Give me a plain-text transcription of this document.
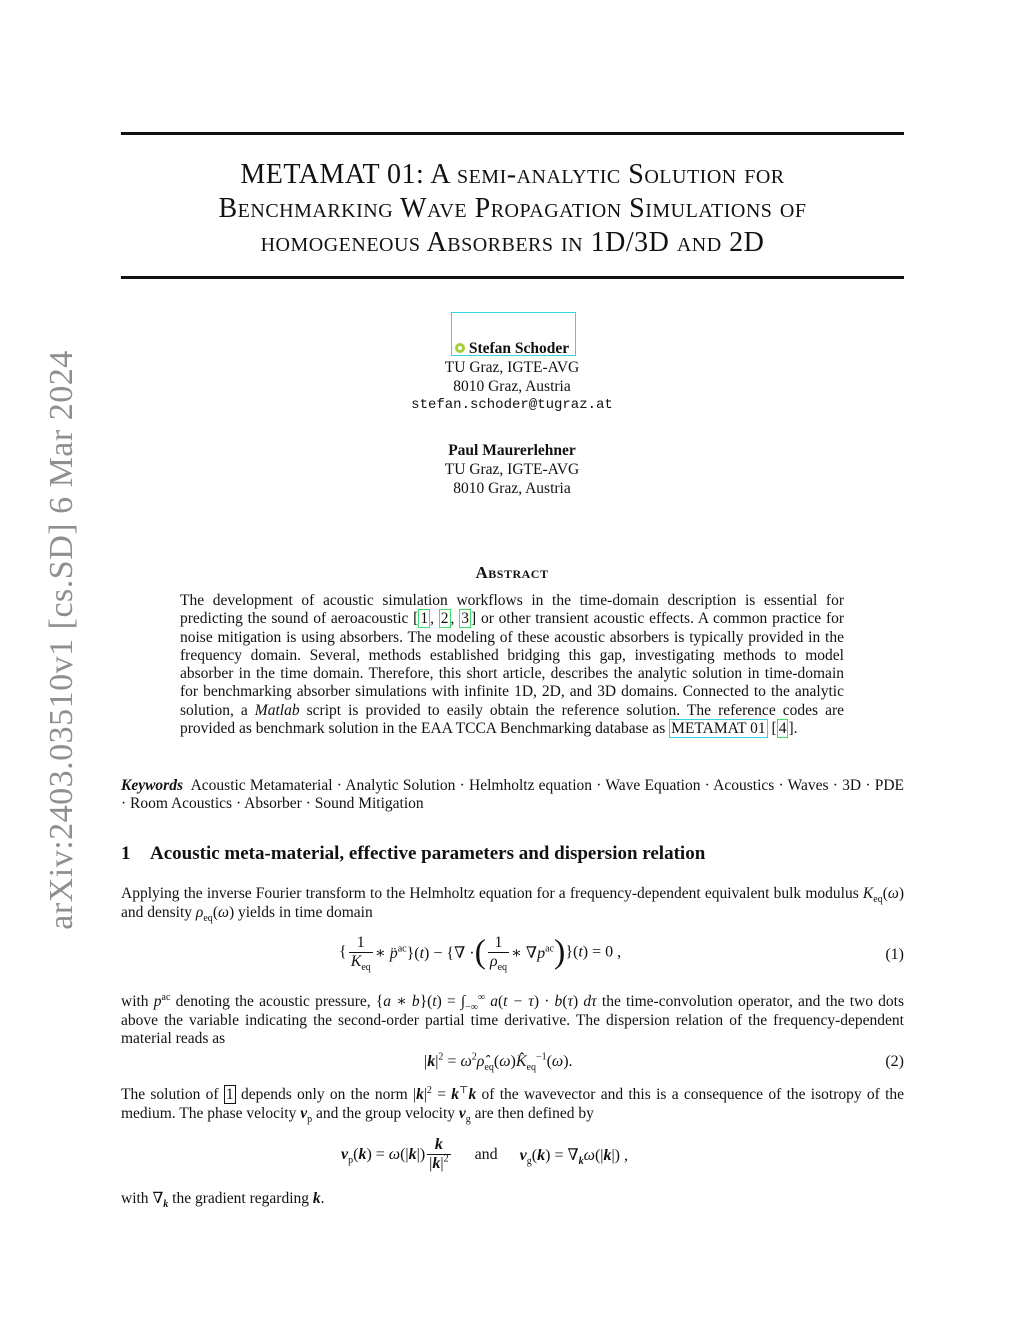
METAMAT 01: A semi-analytic Solution for
Benchmarking Wave Propagation Simulations of
homogeneous Absorbers in 1D/3D and 2D
arXiv:2403.03510v1 [cs.SD] 6 Mar 2024
Stefan Schoder
TU Graz, IGTE-AVG
8010 Graz, Austria
stefan.schoder@tugraz.at
Paul Maurerlehner
TU Graz, IGTE-AVG
8010 Graz, Austria
Abstract
The development of acoustic simulation workflows in the time-domain description is essential for predicting the sound of aeroacoustic [ 1 , 2 , 3 ] or other transient acoustic effects. A common practice for noise mitigation is using absorbers. The modeling of these acoustic absorbers is typically provided in the frequency domain. Several, methods established bridging this gap, investigating methods to model absorber in the time domain. Therefore, this short article, describes the analytic solution in time-domain for benchmarking absorber simulations with infinite 1D, 2D, and 3D domains. Connected to the analytic solution, a Matlab script is provided to easily obtain the reference solution. The reference codes are provided as benchmark solution in the EAA TCCA Benchmarking database as METAMAT 01 [ 4 ].
Keywords Acoustic Metamaterial · Analytic Solution · Helmholtz equation · Wave Equation · Acoustics · Waves · 3D · PDE · Room Acoustics · Absorber · Sound Mitigation
1 Acoustic meta-material, effective parameters and dispersion relation
Applying the inverse Fourier transform to the Helmholtz equation for a frequency-dependent equivalent bulk modulus $K_{eq}(\omega)$ and density $\rho_{eq}(\omega)$ yields in time domain
{ $\frac{1}{K_{eq}}$ ∗ p̈$^{ac}$}(t) − {∇ ·( $\frac{1}{\rho_{eq}}$ ∗ $\nabla p^{ac})\}(t) = 0$ ,	(1)
with $p^{ac}$ denoting the acoustic pressure, {a ∗ $b\}(t) = \int_{-\infty}^\infty$ a(t − τ) · b(τ) dτ the time-convolution operator, and the two dots above the variable indicating the second-order partial time derivative. The dispersion relation of the frequency-dependent material reads as
$|k|^2$ = $\omega^2\rhô_{eq}(\omega)K̂_{eq}^{-1}(\omega)$.	(2)
The solution of 1 depends only on the norm $|k|^2 = k^⊤k$ of the wavevector and this is a consequence of the isotropy of the medium. The phase velocity $v_p$ and the group velocity $v_g$ are then defined by
$v_p(k) = \omega(|k|) \frac{k}{|k|^2}$ and $v_g(k) = \nabla_k\omega(|k|)$ ,
with $\nabla_k$ the gradient regarding k.
